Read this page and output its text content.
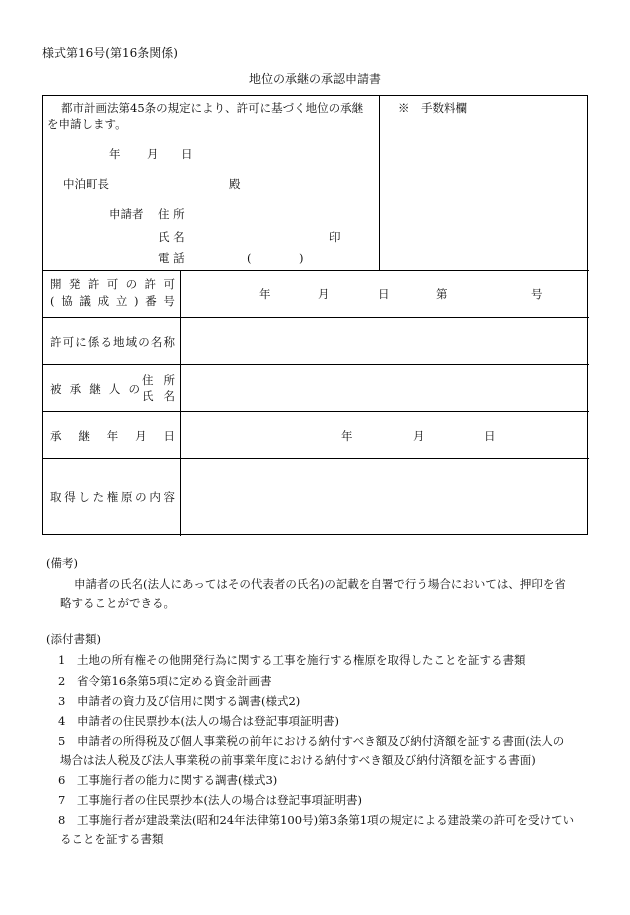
様式第16号(第16条関係)
地位の承継の承認申請書
都市計画法第45条の規定により、許可に基づく地位の承継
を申請します。
年 月 日
中泊町長	殿
申請者 住 所
氏 名	印
電 話	(	)
※　手数料欄
開 発 許 可 の 許 可
( 協 議 成 立 ) 番 号	年	月	日	第	号
許 可 に 係 る 地 域 の 名 称
被 承 継 人 の
住 所
氏 名
承 継 年 月 日	年	月	日
取 得 し た 権 原 の 内 容
(備考)
申請者の氏名(法人にあってはその代表者の氏名)の記載を自署で行う場合においては、押印を省
略することができる。
(添付書類)
1 土地の所有権その他開発行為に関する工事を施行する権原を取得したことを証する書類
2 省令第16条第5項に定める資金計画書
3 申請者の資力及び信用に関する調書(様式2)
4 申請者の住民票抄本(法人の場合は登記事項証明書)
5 申請者の所得税及び個人事業税の前年における納付すべき額及び納付済額を証する書面(法人の
場合は法人税及び法人事業税の前事業年度における納付すべき額及び納付済額を証する書面)
6 工事施行者の能力に関する調書(様式3)
7 工事施行者の住民票抄本(法人の場合は登記事項証明書)
8 工事施行者が建設業法(昭和24年法律第100号)第3条第1項の規定による建設業の許可を受けてい
ることを証する書類
